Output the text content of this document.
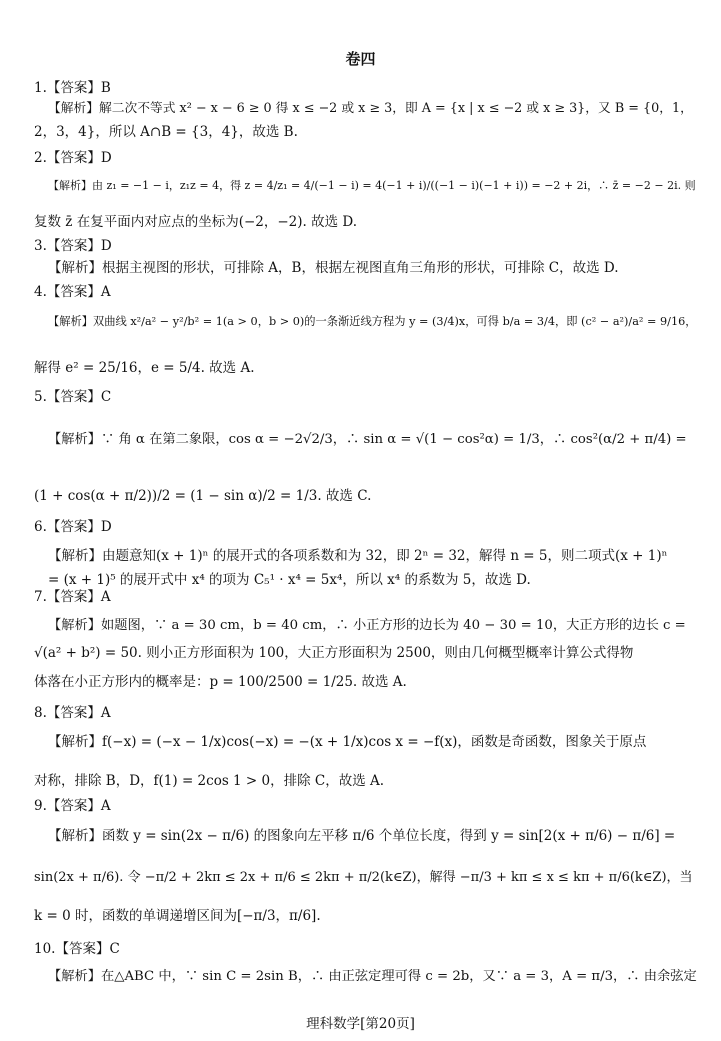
卷四
1.【答案】B
【解析】解二次不等式 x² − x − 6 ≥ 0 得 x ≤ −2 或 x ≥ 3，即 A = {x | x ≤ −2 或 x ≥ 3}，又 B = {0，1，
2，3，4}，所以 A∩B = {3，4}，故选 B.
2.【答案】D
【解析】由 z₁ = −1 − i，z₁z = 4，得 z = 4/z₁ = 4/(−1 − i) = 4(−1 + i)/((−1 − i)(−1 + i)) = −2 + 2i，∴ z̄ = −2 − 2i. 则
复数 z̄ 在复平面内对应点的坐标为(−2，−2). 故选 D.
3.【答案】D
【解析】根据主视图的形状，可排除 A，B，根据左视图直角三角形的形状，可排除 C，故选 D.
4.【答案】A
【解析】双曲线 x²/a² − y²/b² = 1(a > 0，b > 0)的一条渐近线方程为 y = (3/4)x，可得 b/a = 3/4，即 (c² − a²)/a² = 9/16，
解得 e² = 25/16，e = 5/4. 故选 A.
5.【答案】C
【解析】∵ 角 α 在第二象限，cos α = −2√2/3，∴ sin α = √(1 − cos²α) = 1/3，∴ cos²(α/2 + π/4) =
(1 + cos(α + π/2))/2 = (1 − sin α)/2 = 1/3. 故选 C.
6.【答案】D
【解析】由题意知(x + 1)ⁿ 的展开式的各项系数和为 32，即 2ⁿ = 32，解得 n = 5，则二项式(x + 1)ⁿ
= (x + 1)⁵ 的展开式中 x⁴ 的项为 C₅¹ · x⁴ = 5x⁴，所以 x⁴ 的系数为 5，故选 D.
7.【答案】A
【解析】如题图，∵ a = 30 cm，b = 40 cm，∴ 小正方形的边长为 40 − 30 = 10，大正方形的边长 c =
√(a² + b²) = 50. 则小正方形面积为 100，大正方形面积为 2500，则由几何概型概率计算公式得物
体落在小正方形内的概率是：p = 100/2500 = 1/25. 故选 A.
8.【答案】A
【解析】f(−x) = (−x − 1/x)cos(−x) = −(x + 1/x)cos x = −f(x)，函数是奇函数，图象关于原点
对称，排除 B，D，f(1) = 2cos 1 > 0，排除 C，故选 A.
9.【答案】A
【解析】函数 y = sin(2x − π/6) 的图象向左平移 π/6 个单位长度，得到 y = sin[2(x + π/6) − π/6] =
sin(2x + π/6). 令 −π/2 + 2kπ ≤ 2x + π/6 ≤ 2kπ + π/2(k∈Z)，解得 −π/3 + kπ ≤ x ≤ kπ + π/6(k∈Z)，当
k = 0 时，函数的单调递增区间为[−π/3，π/6].
10.【答案】C
【解析】在△ABC 中，∵ sin C = 2sin B，∴ 由正弦定理可得 c = 2b，又∵ a = 3，A = π/3，∴ 由余弦定
理科数学[第20页]
